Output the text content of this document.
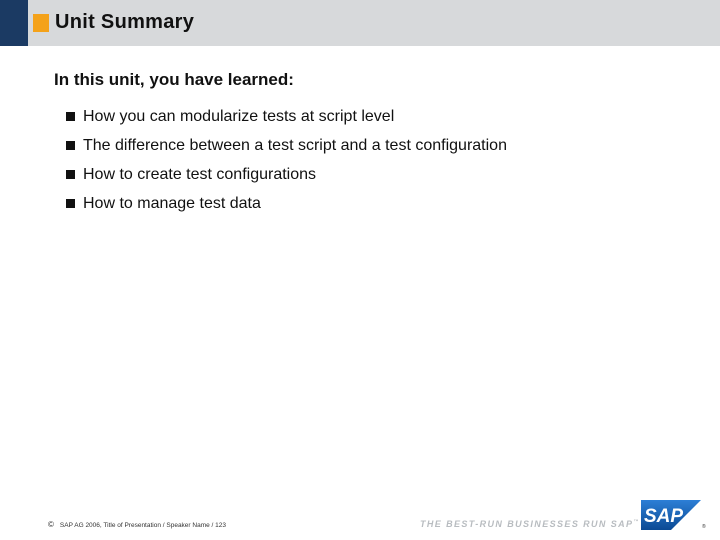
Unit Summary
In this unit, you have learned:
How you can modularize tests at script level
The difference between a test script and a test configuration
How to create test configurations
How to manage test data
© SAP AG 2006, Title of Presentation / Speaker Name / 123	THE BEST-RUN BUSINESSES RUN SAP™ SAP	®
